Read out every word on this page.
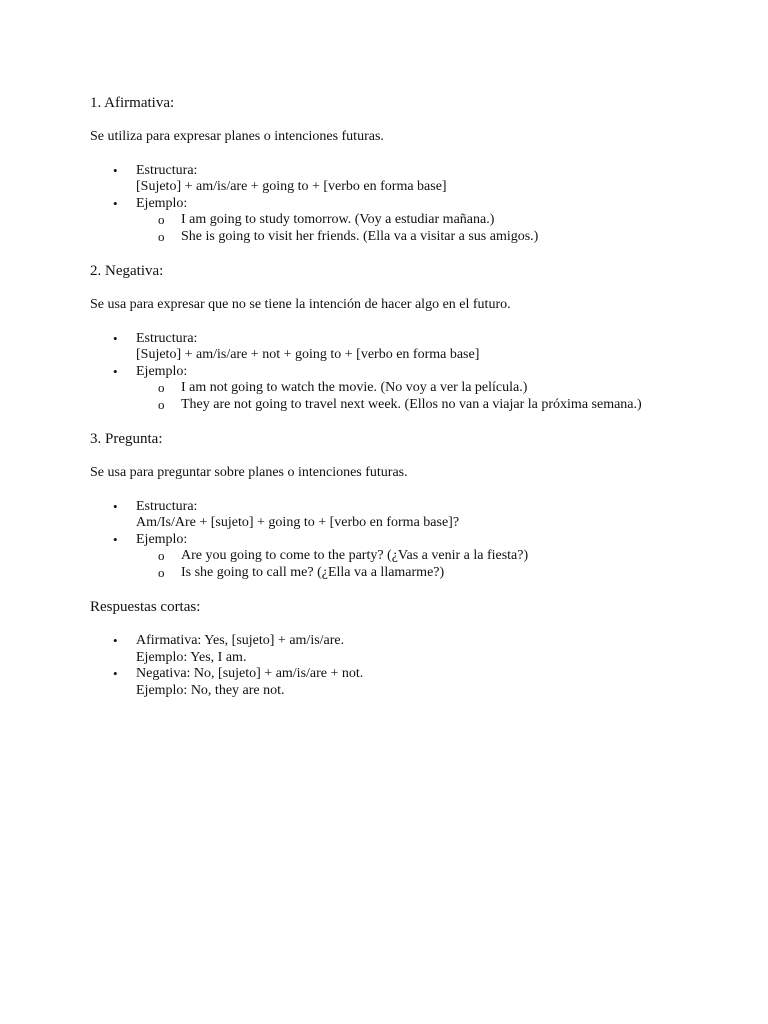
1. Afirmativa:
Se utiliza para expresar planes o intenciones futuras.
• Estructura:
[Sujeto] + am/is/are + going to + [verbo en forma base]
• Ejemplo:
o I am going to study tomorrow. (Voy a estudiar mañana.)
o She is going to visit her friends. (Ella va a visitar a sus amigos.)
2. Negativa:
Se usa para expresar que no se tiene la intención de hacer algo en el futuro.
• Estructura:
[Sujeto] + am/is/are + not + going to + [verbo en forma base]
• Ejemplo:
o I am not going to watch the movie. (No voy a ver la película.)
o They are not going to travel next week. (Ellos no van a viajar la próxima semana.)
3. Pregunta:
Se usa para preguntar sobre planes o intenciones futuras.
• Estructura:
Am/Is/Are + [sujeto] + going to + [verbo en forma base]?
• Ejemplo:
o Are you going to come to the party? (¿Vas a venir a la fiesta?)
o Is she going to call me? (¿Ella va a llamarme?)
Respuestas cortas:
• Afirmativa: Yes, [sujeto] + am/is/are.
Ejemplo: Yes, I am.
• Negativa: No, [sujeto] + am/is/are + not.
Ejemplo: No, they are not.
